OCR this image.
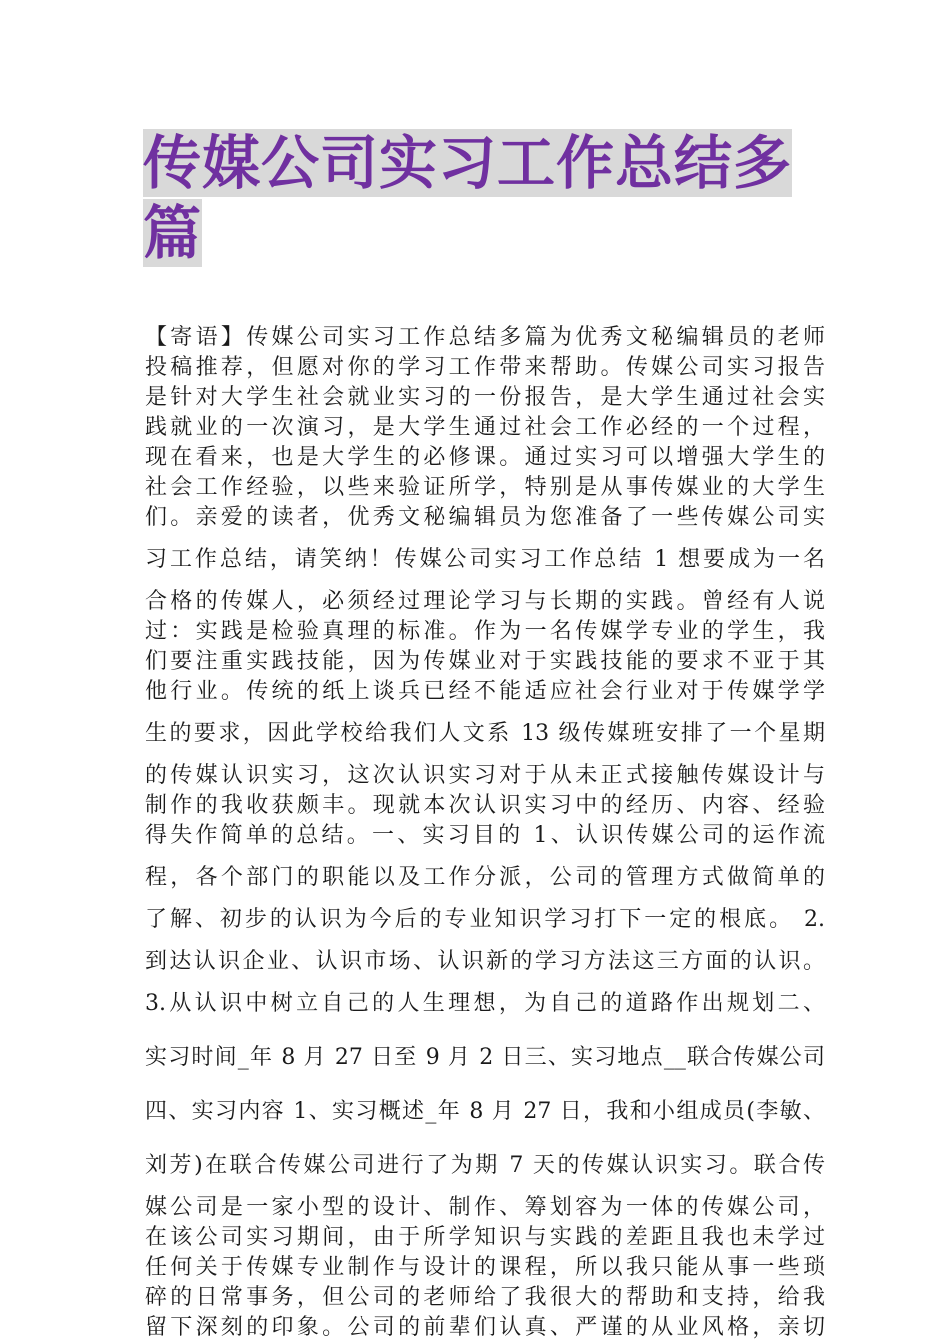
传媒公司实习工作总结多篇
【寄语】传媒公司实习工作总结多篇为优秀文秘编辑员的老师
投稿推荐，但愿对你的学习工作带来帮助。传媒公司实习报告
是针对大学生社会就业实习的一份报告，是大学生通过社会实
践就业的一次演习，是大学生通过社会工作必经的一个过程，
现在看来，也是大学生的必修课。通过实习可以增强大学生的
社会工作经验，以些来验证所学，特别是从事传媒业的大学生
们。亲爱的读者，优秀文秘编辑员为您准备了一些传媒公司实
习工作总结，请笑纳！传媒公司实习工作总结 1 想要成为一名
合格的传媒人，必须经过理论学习与长期的实践。曾经有人说
过：实践是检验真理的标准。作为一名传媒学专业的学生，我
们要注重实践技能，因为传媒业对于实践技能的要求不亚于其
他行业。传统的纸上谈兵已经不能适应社会行业对于传媒学学
生的要求，因此学校给我们人文系 13 级传媒班安排了一个星期
的传媒认识实习，这次认识实习对于从未正式接触传媒设计与
制作的我收获颇丰。现就本次认识实习中的经历、内容、经验
得失作简单的总结。一、实习目的 1、认识传媒公司的运作流
程，各个部门的职能以及工作分派，公司的管理方式做简单的
了解、初步的认识为今后的专业知识学习打下一定的根底。 2.
到达认识企业、认识市场、认识新的学习方法这三方面的认识。
3.从认识中树立自己的人生理想，为自己的道路作出规划二、
实习时间_年 8 月 27 日至 9 月 2 日三、实习地点__联合传媒公司
四、实习内容 1、实习概述_年 8 月 27 日，我和小组成员(李敏、
刘芳)在联合传媒公司进行了为期 7 天的传媒认识实习。联合传
媒公司是一家小型的设计、制作、筹划容为一体的传媒公司，
在该公司实习期间，由于所学知识与实践的差距且我也未学过
任何关于传媒专业制作与设计的课程，所以我只能从事一些琐
碎的日常事务，但公司的老师给了我很大的帮助和支持，给我
留下深刻的印象。公司的前辈们认真、严谨的从业风格，亲切
